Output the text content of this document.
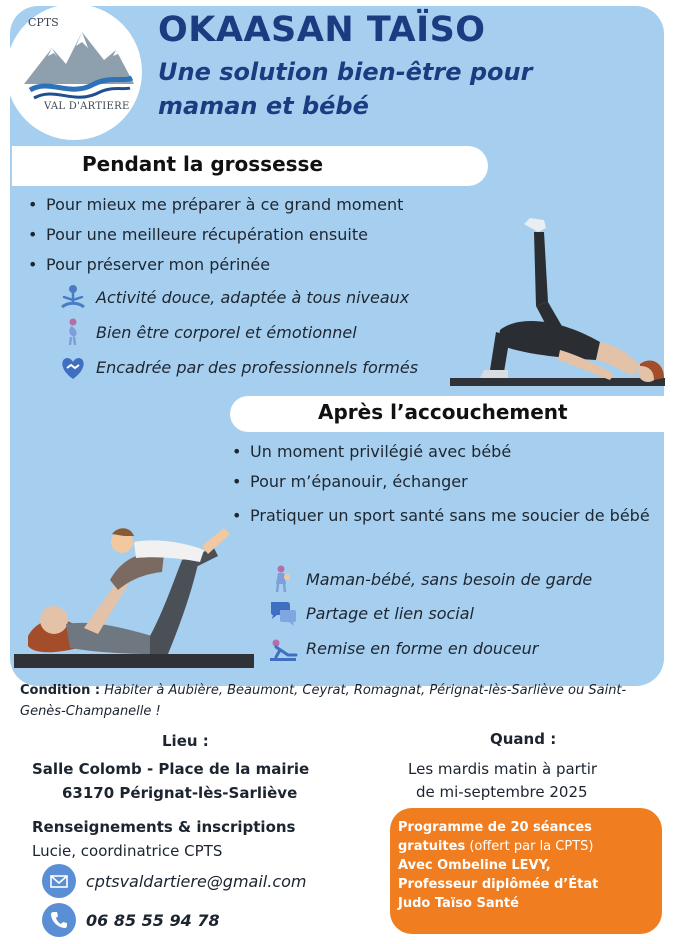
CPTS
VAL D'ARTIERE
OKAASAN TAÏSO
Une solution bien-être pour maman et bébé
Pendant la grossesse
• Pour mieux me préparer à ce grand moment
• Pour une meilleure récupération ensuite
• Pour préserver mon périnée
Activité douce, adaptée à tous niveaux
Bien être corporel et émotionnel
Encadrée par des professionnels formés
Après l’accouchement
• Un moment privilégié avec bébé
• Pour m’épanouir, échanger
• Pratiquer un sport santé sans me soucier de bébé
Maman-bébé, sans besoin de garde
Partage et lien social
Remise en forme en douceur
Condition : Habiter à Aubière, Beaumont, Ceyrat, Romagnat, Pérignat-lès-Sarliève ou Saint-Genès-Champanelle !
Lieu :
Salle Colomb - Place de la mairie
63170 Pérignat-lès-Sarliève
Quand :
Les mardis matin à partir
de mi-septembre 2025
Renseignements & inscriptions
Lucie, coordinatrice CPTS
cptsvaldartiere@gmail.com
06 85 55 94 78
Programme de 20 séances
gratuites (offert par la CPTS)
Avec Ombeline LEVY,
Professeur diplômée d’État
Judo Taïso Santé
